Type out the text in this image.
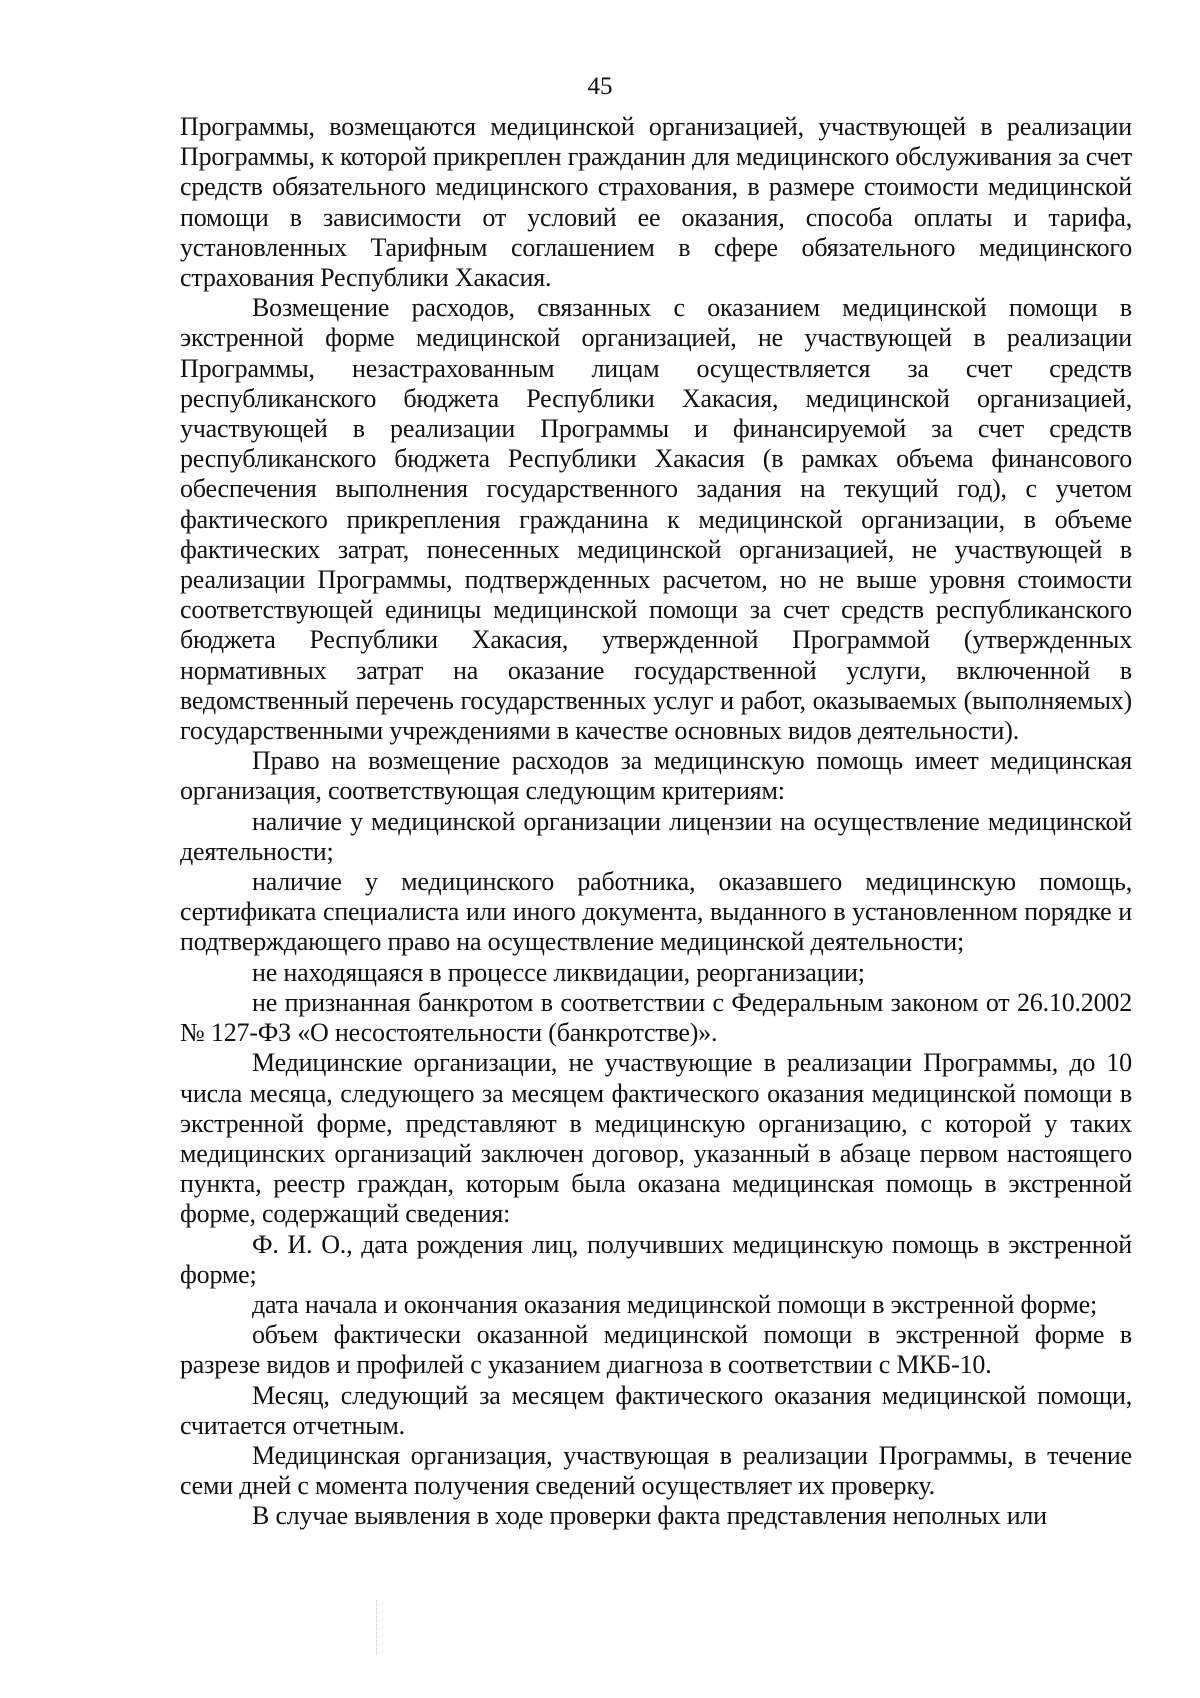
45

Программы, возмещаются медицинской организацией, участвующей в реализации Программы, к которой прикреплен гражданин для медицинского обслуживания за счет средств обязательного медицинского страхования, в размере стоимости медицинской помощи в зависимости от условий ее оказания, способа оплаты и тарифа, установленных Тарифным соглашением в сфере обязательного медицинского страхования Республики Хакасия.

Возмещение расходов, связанных с оказанием медицинской помощи в экстренной форме медицинской организацией, не участвующей в реализации Программы, незастрахованным лицам осуществляется за счет средств республиканского бюджета Республики Хакасия, медицинской организацией, участвующей в реализации Программы и финансируемой за счет средств республиканского бюджета Республики Хакасия (в рамках объема финансового обеспечения выполнения государственного задания на текущий год), с учетом фактического прикрепления гражданина к медицинской организации, в объеме фактических затрат, понесенных медицинской организацией, не участвующей в реализации Программы, подтвержденных расчетом, но не выше уровня стоимости соответствующей единицы медицинской помощи за счет средств республиканского бюджета Республики Хакасия, утвержденной Программой (утвержденных нормативных затрат на оказание государственной услуги, включенной в ведомственный перечень государственных услуг и работ, оказываемых (выполняемых) государственными учреждениями в качестве основных видов деятельности).

Право на возмещение расходов за медицинскую помощь имеет медицинская организация, соответствующая следующим критериям:

наличие у медицинской организации лицензии на осуществление медицинской деятельности;

наличие у медицинского работника, оказавшего медицинскую помощь, сертификата специалиста или иного документа, выданного в установленном порядке и подтверждающего право на осуществление медицинской деятельности;

не находящаяся в процессе ликвидации, реорганизации;

не признанная банкротом в соответствии с Федеральным законом от 26.10.2002 № 127-ФЗ «О несостоятельности (банкротстве)».

Медицинские организации, не участвующие в реализации Программы, до 10 числа месяца, следующего за месяцем фактического оказания медицинской помощи в экстренной форме, представляют в медицинскую организацию, с которой у таких медицинских организаций заключен договор, указанный в абзаце первом настоящего пункта, реестр граждан, которым была оказана медицинская помощь в экстренной форме, содержащий сведения:

Ф. И. О., дата рождения лиц, получивших медицинскую помощь в экстренной форме;

дата начала и окончания оказания медицинской помощи в экстренной форме;

объем фактически оказанной медицинской помощи в экстренной форме в разрезе видов и профилей с указанием диагноза в соответствии с МКБ-10.

Месяц, следующий за месяцем фактического оказания медицинской помощи, считается отчетным.

Медицинская организация, участвующая в реализации Программы, в течение семи дней с момента получения сведений осуществляет их проверку.

В случае выявления в ходе проверки факта представления неполных или
